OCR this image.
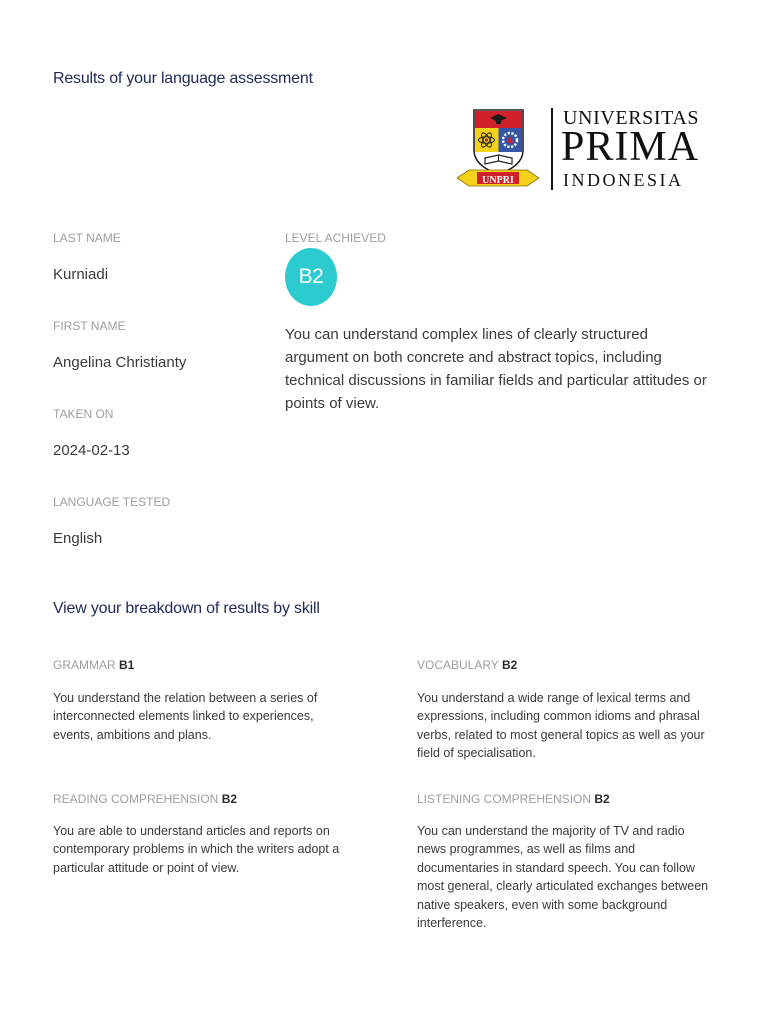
Results of your language assessment
UNPRI
UNIVERSITAS
PRIMA
INDONESIA
LAST NAME
Kurniadi
FIRST NAME
Angelina Christianty
TAKEN ON
2024-02-13
LANGUAGE TESTED
English
LEVEL ACHIEVED
B2
You can understand complex lines of clearly structured argument on both concrete and abstract topics, including technical discussions in familiar fields and particular attitudes or points of view.
View your breakdown of results by skill
GRAMMAR B1
You understand the relation between a series of interconnected elements linked to experiences, events, ambitions and plans.
VOCABULARY B2
You understand a wide range of lexical terms and expressions, including common idioms and phrasal verbs, related to most general topics as well as your field of specialisation.
READING COMPREHENSION B2
You are able to understand articles and reports on contemporary problems in which the writers adopt a particular attitude or point of view.
LISTENING COMPREHENSION B2
You can understand the majority of TV and radio news programmes, as well as films and documentaries in standard speech. You can follow most general, clearly articulated exchanges between native speakers, even with some background interference.
